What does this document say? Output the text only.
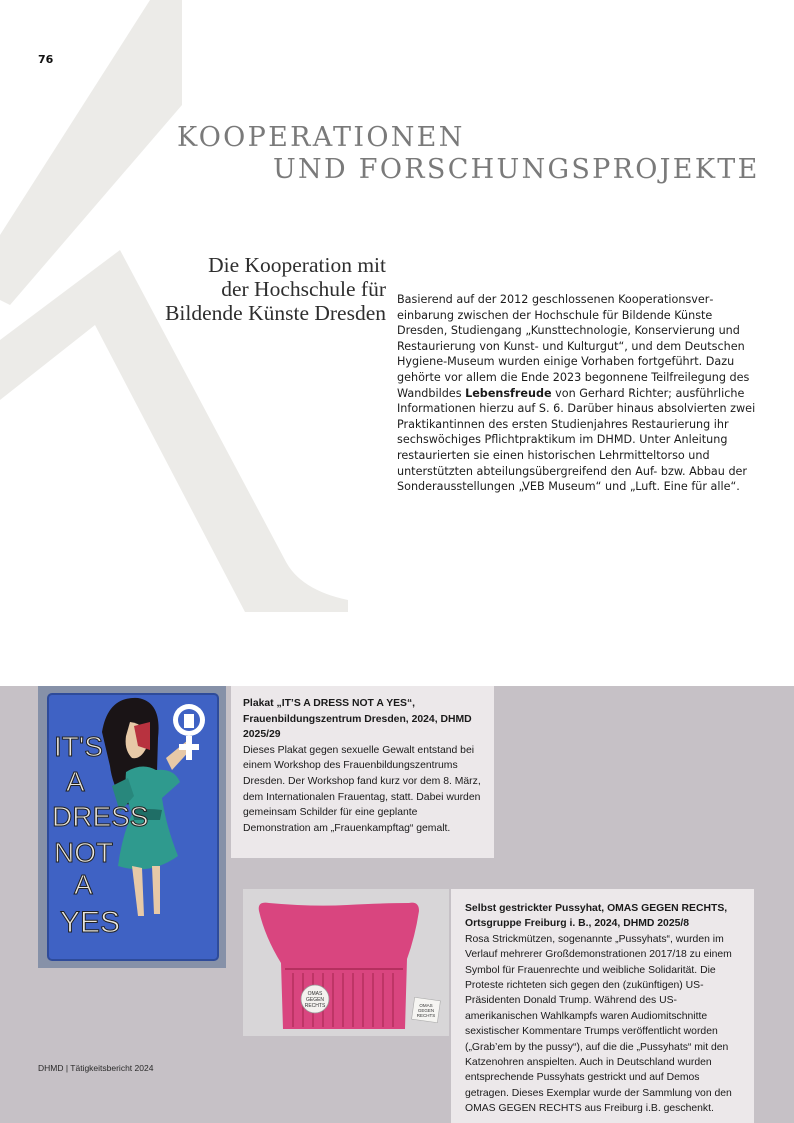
76
KOOPERATIONEN
UND FORSCHUNGSPROJEKTE
Die Kooperation mit
der Hochschule für
Bildende Künste Dresden
Basierend auf der 2012 geschlossenen Kooperationsvereinbarung zwischen der Hochschule für Bildende Künste Dresden, Studiengang „Kunsttechnologie, Konservierung und Restaurierung von Kunst- und Kulturgut“, und dem Deutschen Hygiene-Museum wurden einige Vorhaben fortgeführt. Dazu gehörte vor allem die Ende 2023 begonnene Teilfreilegung des Wandbildes Lebensfreude von Gerhard Richter; ausführliche Informationen hierzu auf S. 6. Darüber hinaus absolvierten zwei Praktikantinnen des ersten Studienjahres Restaurierung ihr sechswöchiges Pflichtpraktikum im DHMD. Unter Anleitung restaurierten sie einen historischen Lehrmitteltorso und unterstützten abteilungsübergreifend den Auf- bzw. Abbau der Sonderausstellungen „VEB Museum“ und „Luft. Eine für alle“.
IT'S
A
DRESS
NOT
A
YES
Plakat „IT’S A DRESS NOT A YES“, Frauenbildungszentrum Dresden, 2024, DHMD 2025/29
Dieses Plakat gegen sexuelle Gewalt entstand bei einem Workshop des Frauenbildungszentrums Dresden. Der Workshop fand kurz vor dem 8. März, dem Internationalen Frauentag, statt. Dabei wurden gemeinsam Schilder für eine geplante Demonstration am „Frauenkampftag“ gemalt.
OMAS
GEGEN
RECHTS	OMAS
GEGEN
RECHTS
Selbst gestrickter Pussyhat, OMAS GEGEN RECHTS, Ortsgruppe Freiburg i. B., 2024, DHMD 2025/8
Rosa Strickmützen, sogenannte „Pussyhats“, wurden im Verlauf mehrerer Großdemonstrationen 2017/18 zu einem Symbol für Frauenrechte und weibliche Solidarität. Die Proteste richteten sich gegen den (zukünftigen) US-Präsidenten Donald Trump. Während des US-amerikanischen Wahlkampfs waren Audiomitschnitte sexistischer Kommentare Trumps veröffentlicht worden („Grab’em by the pussy“), auf die die „Pussyhats“ mit den Katzenohren anspielten. Auch in Deutschland wurden entsprechende Pussyhats gestrickt und auf Demos getragen. Dieses Exemplar wurde der Sammlung von den OMAS GEGEN RECHTS aus Freiburg i.B. geschenkt.
DHMD | Tätigkeitsbericht 2024
